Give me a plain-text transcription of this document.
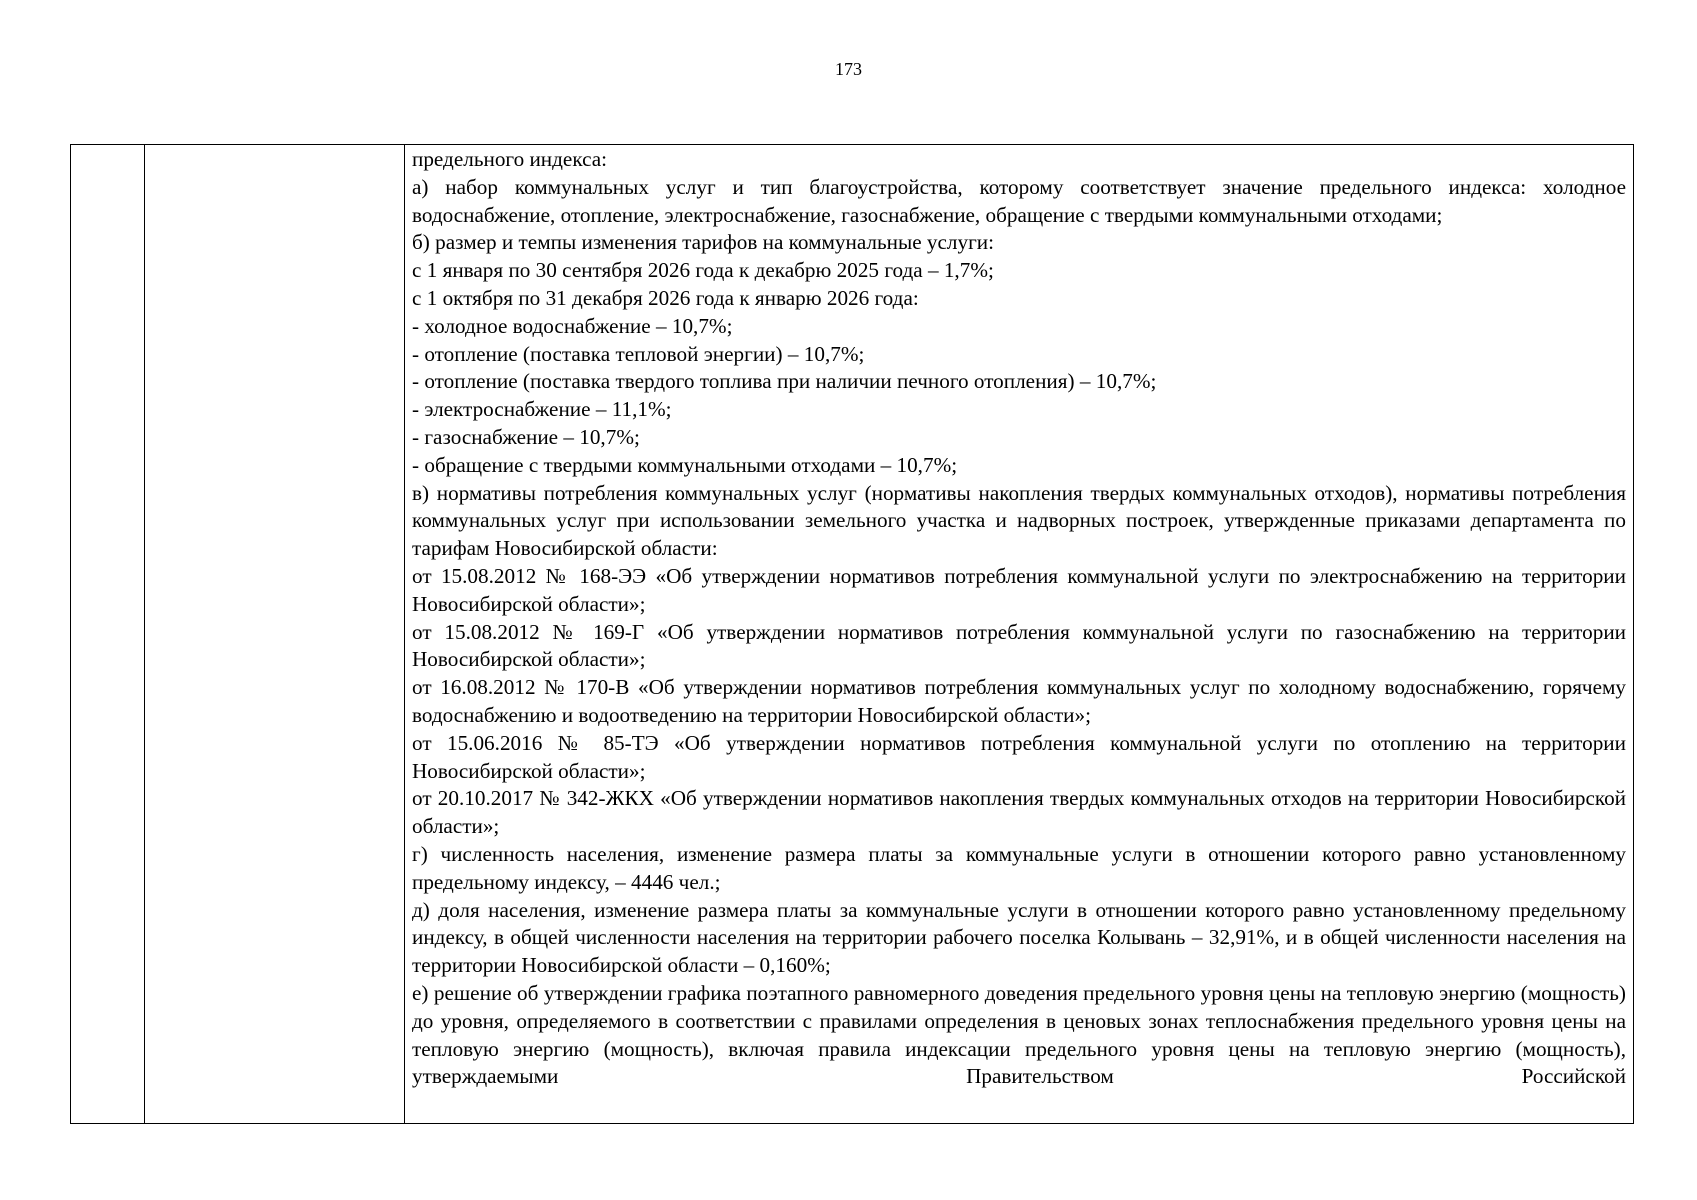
173

предельного индекса:

а) набор коммунальных услуг и тип благоустройства, которому соответствует значение предельного индекса: холодное водоснабжение, отопление, электроснабжение, газоснабжение, обращение с твердыми коммунальными отходами;

б) размер и темпы изменения тарифов на коммунальные услуги:

с 1 января по 30 сентября 2026 года к декабрю 2025 года – 1,7%;

с 1 октября по 31 декабря 2026 года к январю 2026 года:

- холодное водоснабжение – 10,7%;

- отопление (поставка тепловой энергии) – 10,7%;

- отопление (поставка твердого топлива при наличии печного отопления) – 10,7%;

- электроснабжение – 11,1%;

- газоснабжение – 10,7%;

- обращение с твердыми коммунальными отходами – 10,7%;

в) нормативы потребления коммунальных услуг (нормативы накопления твердых коммунальных отходов), нормативы потребления коммунальных услуг при использовании земельного участка и надворных построек, утвержденные приказами департамента по тарифам Новосибирской области:

от 15.08.2012 № 168-ЭЭ «Об утверждении нормативов потребления коммунальной услуги по электроснабжению на территории Новосибирской области»;

от 15.08.2012 № 169-Г «Об утверждении нормативов потребления коммунальной услуги по газоснабжению на территории Новосибирской области»;

от 16.08.2012 № 170-В «Об утверждении нормативов потребления коммунальных услуг по холодному водоснабжению, горячему водоснабжению и водоотведению на территории Новосибирской области»;

от 15.06.2016 № 85-ТЭ «Об утверждении нормативов потребления коммунальной услуги по отоплению на территории Новосибирской области»;

от 20.10.2017 № 342-ЖКХ «Об утверждении нормативов накопления твердых коммунальных отходов на территории Новосибирской области»;

г) численность населения, изменение размера платы за коммунальные услуги в отношении которого равно установленному предельному индексу, – 4446 чел.;

д) доля населения, изменение размера платы за коммунальные услуги в отношении которого равно установленному предельному индексу, в общей численности населения на территории рабочего поселка Колывань – 32,91%, и в общей численности населения на территории Новосибирской области – 0,160%;

е) решение об утверждении графика поэтапного равномерного доведения предельного уровня цены на тепловую энергию (мощность) до уровня, определяемого в соответствии с правилами определения в ценовых зонах теплоснабжения предельного уровня цены на тепловую энергию (мощность), включая правила индексации предельного уровня цены на тепловую энергию (мощность), утверждаемыми Правительством Российской
